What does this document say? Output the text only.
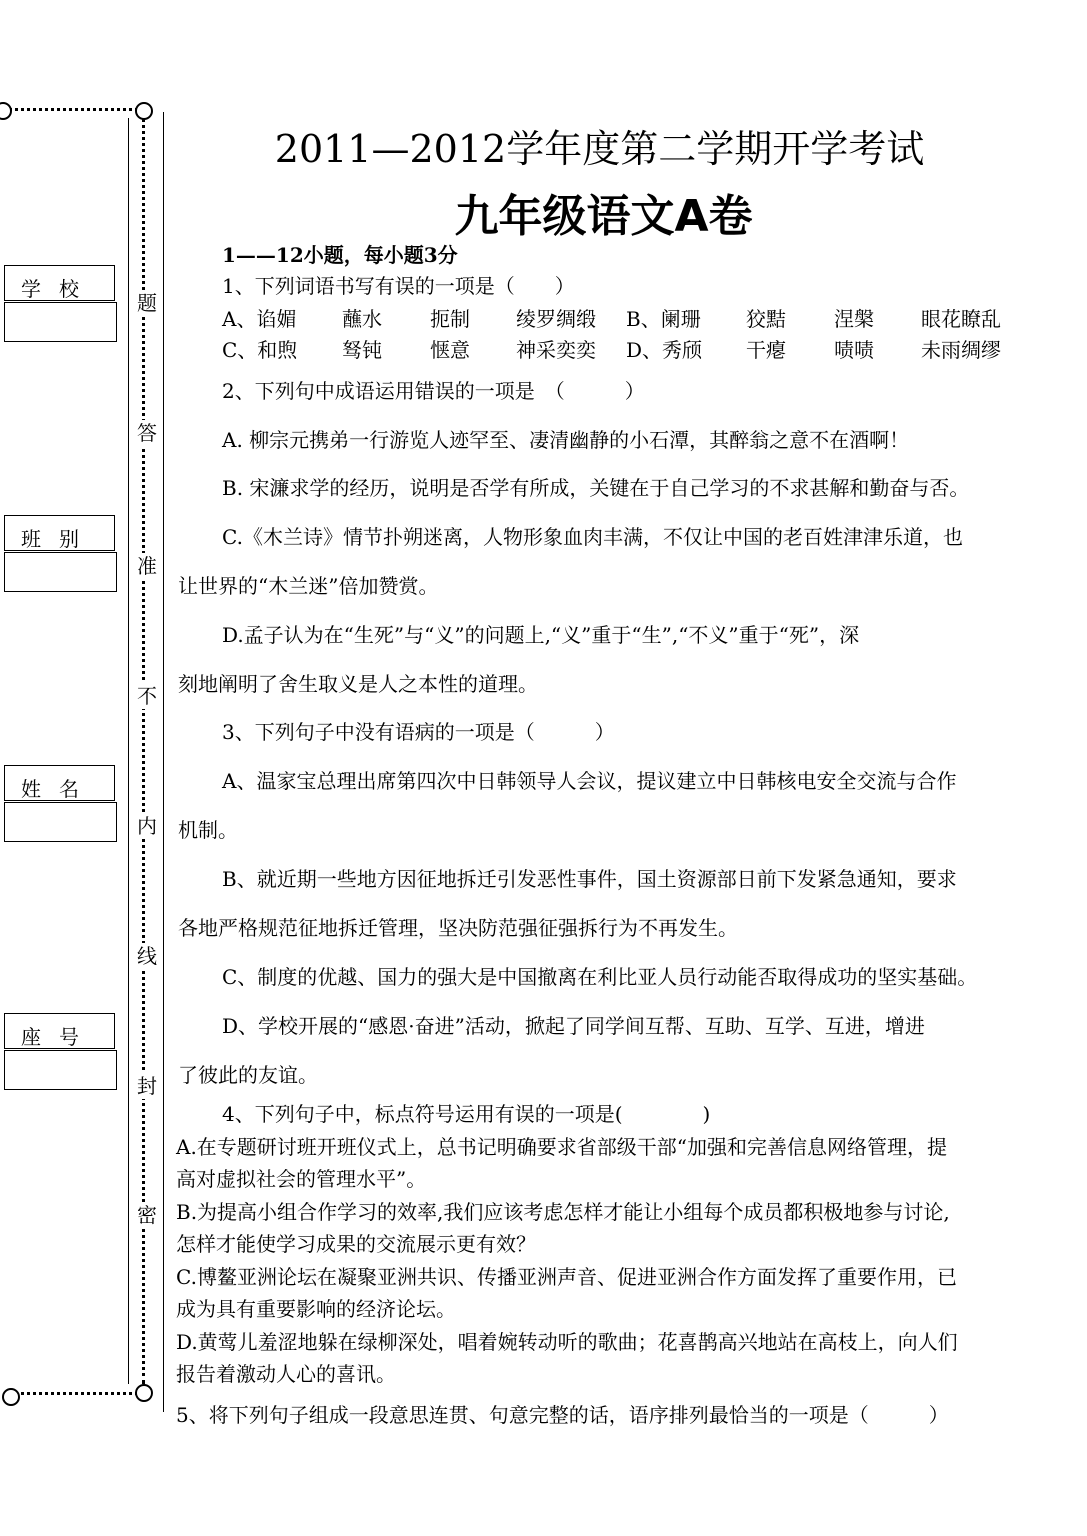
题
答
准
不
内
线
封
密
学校
班别
姓名
座号
2011—2012学年度第二学期开学考试
九年级语文A卷
1——12小题，每小题3分
1、下列词语书写有误的一项是（　　）
A、谄媚 蘸水 扼制 绫罗绸缎 B、阑珊 狡黠 涅槃 眼花瞭乱
C、和煦 驽钝 惬意 神采奕奕 D、秀颀 干瘪 啧啧 未雨绸缪
2、下列句中成语运用错误的一项是　（　　　）
A. 柳宗元携弟一行游览人迹罕至、凄清幽静的小石潭，其醉翁之意不在酒啊！
B. 宋濂求学的经历，说明是否学有所成，关键在于自己学习的不求甚解和勤奋与否。
C.《木兰诗》情节扑朔迷离，人物形象血肉丰满，不仅让中国的老百姓津津乐道，也
让世界的“木兰迷”倍加赞赏。
D.孟子认为在“生死”与“义”的问题上,“义”重于“生”,“不义”重于“死”，深
刻地阐明了舍生取义是人之本性的道理。
3、下列句子中没有语病的一项是（　　　）
A、温家宝总理出席第四次中日韩领导人会议，提议建立中日韩核电安全交流与合作
机制。
B、就近期一些地方因征地拆迁引发恶性事件，国土资源部日前下发紧急通知，要求
各地严格规范征地拆迁管理，坚决防范强征强拆行为不再发生。
C、制度的优越、国力的强大是中国撤离在利比亚人员行动能否取得成功的坚实基础。
D、学校开展的“感恩·奋进”活动，掀起了同学间互帮、互助、互学、互进，增进
了彼此的友谊。
4、下列句子中，标点符号运用有误的一项是(　　　　)
A.在专题研讨班开班仪式上，总书记明确要求省部级干部“加强和完善信息网络管理，提
高对虚拟社会的管理水平”。
B.为提高小组合作学习的效率,我们应该考虑怎样才能让小组每个成员都积极地参与讨论,
怎样才能使学习成果的交流展示更有效？
C.博鳌亚洲论坛在凝聚亚洲共识、传播亚洲声音、促进亚洲合作方面发挥了重要作用，已
成为具有重要影响的经济论坛。
D.黄莺儿羞涩地躲在绿柳深处，唱着婉转动听的歌曲；花喜鹊高兴地站在高枝上，向人们
报告着激动人心的喜讯。
5、将下列句子组成一段意思连贯、句意完整的话，语序排列最恰当的一项是（　　　）
